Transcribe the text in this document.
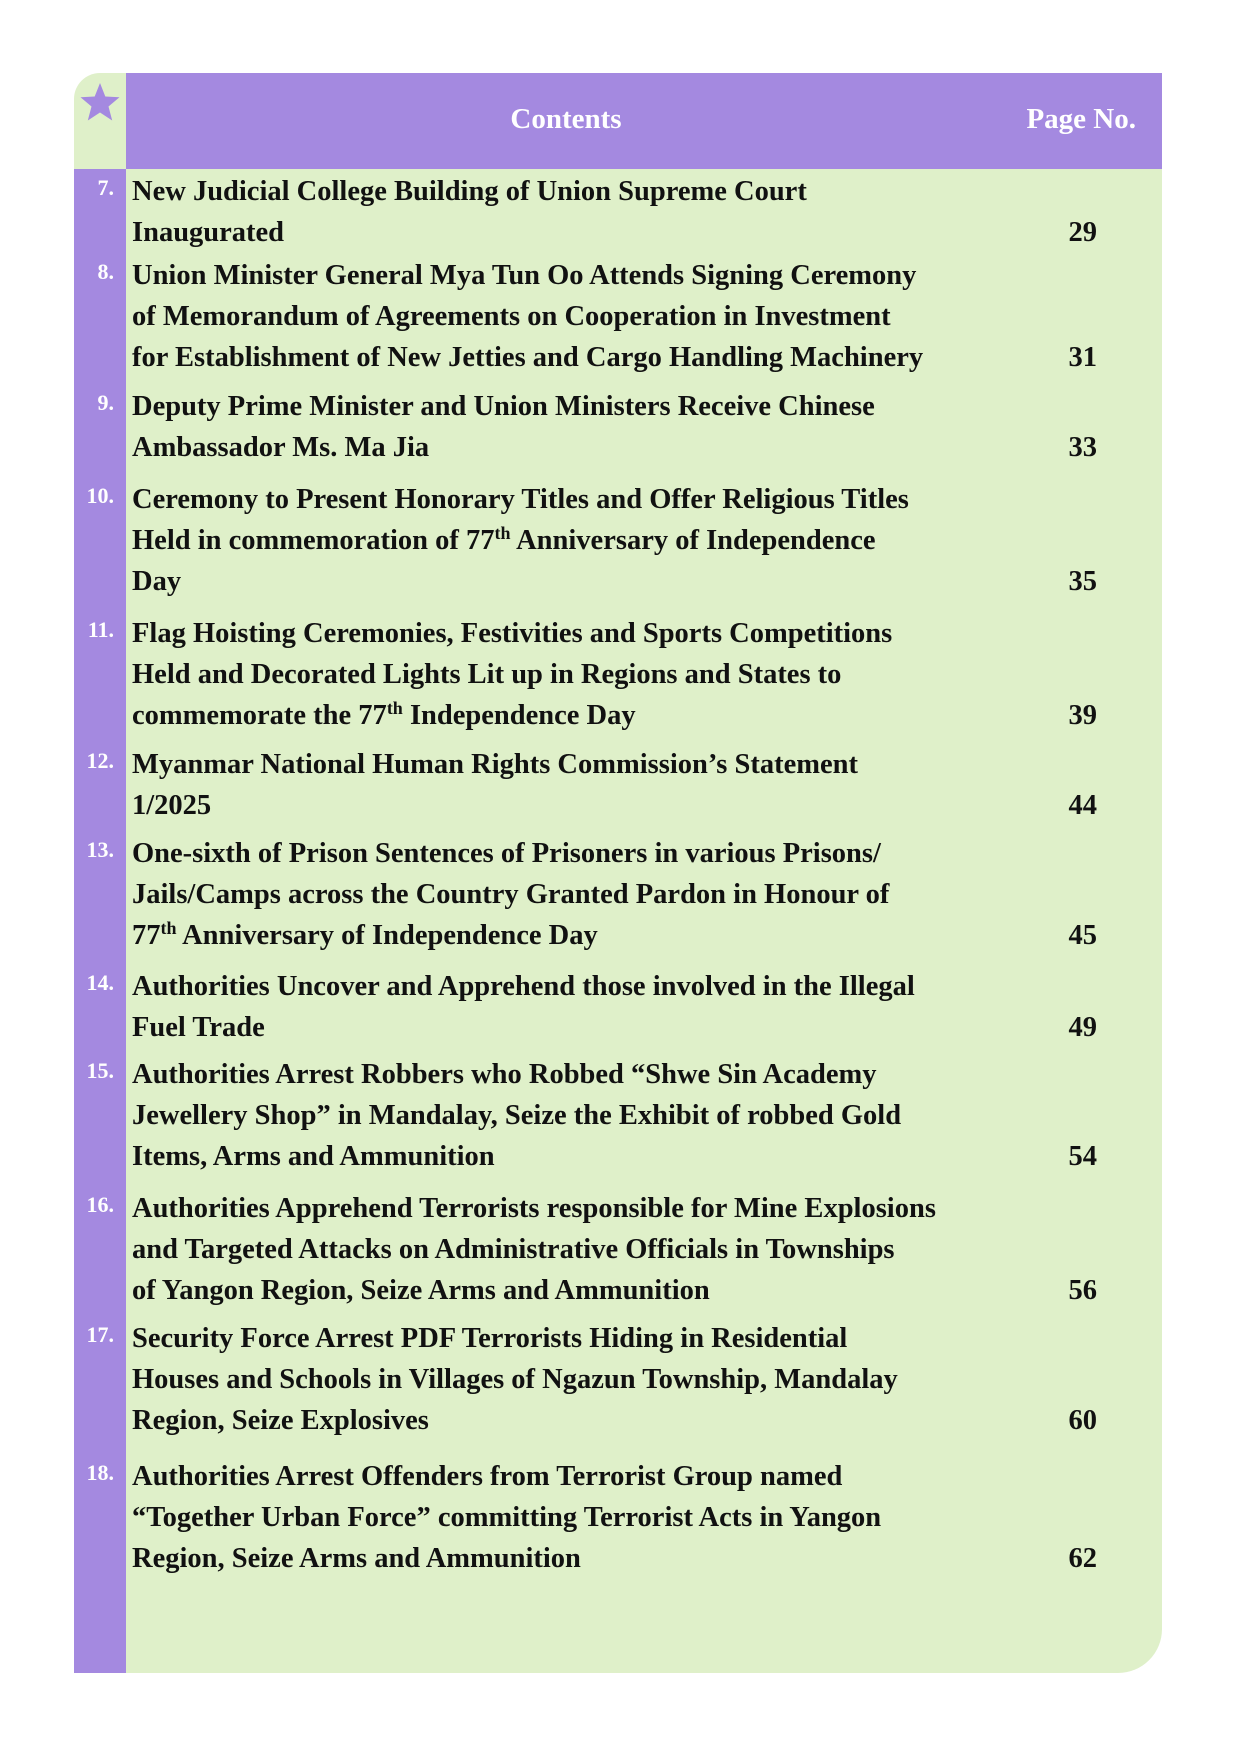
Contents	Page No.
7. New Judicial College Building of Union Supreme Court
Inaugurated	29
8. Union Minister General Mya Tun Oo Attends Signing Ceremony
of Memorandum of Agreements on Cooperation in Investment
for Establishment of New Jetties and Cargo Handling Machinery	31
9. Deputy Prime Minister and Union Ministers Receive Chinese
Ambassador Ms. Ma Jia	33
10. Ceremony to Present Honorary Titles and Offer Religious Titles
Held in commemoration of 77th Anniversary of Independence
Day	35
11. Flag Hoisting Ceremonies, Festivities and Sports Competitions
Held and Decorated Lights Lit up in Regions and States to
commemorate the 77th Independence Day	39
12. Myanmar National Human Rights Commission’s Statement
1/2025	44
13. One-sixth of Prison Sentences of Prisoners in various Prisons/
Jails/Camps across the Country Granted Pardon in Honour of
77th Anniversary of Independence Day	45
14. Authorities Uncover and Apprehend those involved in the Illegal
Fuel Trade	49
15. Authorities Arrest Robbers who Robbed “Shwe Sin Academy
Jewellery Shop” in Mandalay, Seize the Exhibit of robbed Gold
Items, Arms and Ammunition	54
16. Authorities Apprehend Terrorists responsible for Mine Explosions
and Targeted Attacks on Administrative Officials in Townships
of Yangon Region, Seize Arms and Ammunition	56
17. Security Force Arrest PDF Terrorists Hiding in Residential
Houses and Schools in Villages of Ngazun Township, Mandalay
Region, Seize Explosives	60
18. Authorities Arrest Offenders from Terrorist Group named
“Together Urban Force” committing Terrorist Acts in Yangon
Region, Seize Arms and Ammunition	62
